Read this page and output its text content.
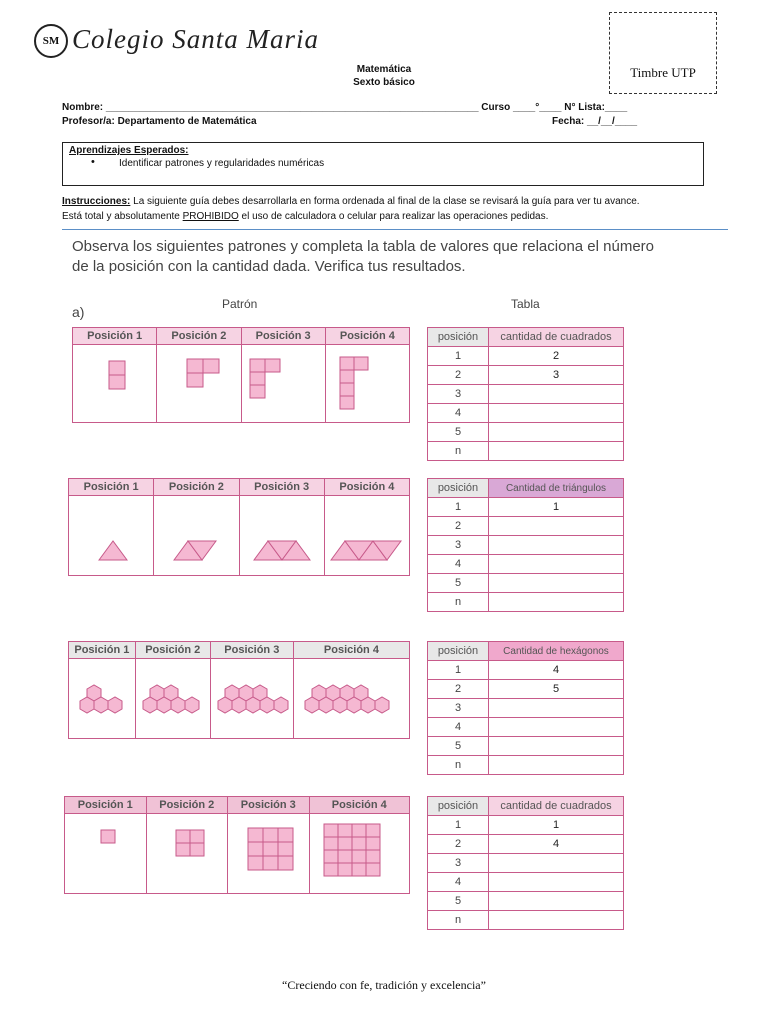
SM Colegio Santa Maria
Timbre UTP
Matemática
Sexto básico
Nombre: ___________________________________________________________________ Curso ____°____ N° Lista:____
Profesor/a: Departamento de Matemática	Fecha: __/__/____
Aprendizajes Esperados:
• Identificar patrones y regularidades numéricas
Instrucciones: La siguiente guía debes desarrollarla en forma ordenada al final de la clase se revisará la guía para ver tu avance.
Está total y absolutamente PROHIBIDO el uso de calculadora o celular para realizar las operaciones pedidas.
Observa los siguientes patrones y completa la tabla de valores que relaciona el número
de la posición con la cantidad dada. Verifica tus resultados.
a)	Patrón	Tabla
Posición 1	Posición 2	Posición 3	Posición 4	posición	cantidad de cuadrados
1	2
2	3
3	
4	
5	
n	
Posición 1	Posición 2	Posición 3	Posición 4	posición	Cantidad de triángulos
1	1
2	
3	
4	
5	
n	
Posición 1	Posición 2	Posición 3	Posición 4	posición	Cantidad de hexágonos
1	4
2	5
3	
4	
5	
n	
Posición 1	Posición 2	Posición 3	Posición 4	posición	cantidad de cuadrados
1	1
2	4
3	
4	
5	
n	
“Creciendo con fe, tradición y excelencia”
